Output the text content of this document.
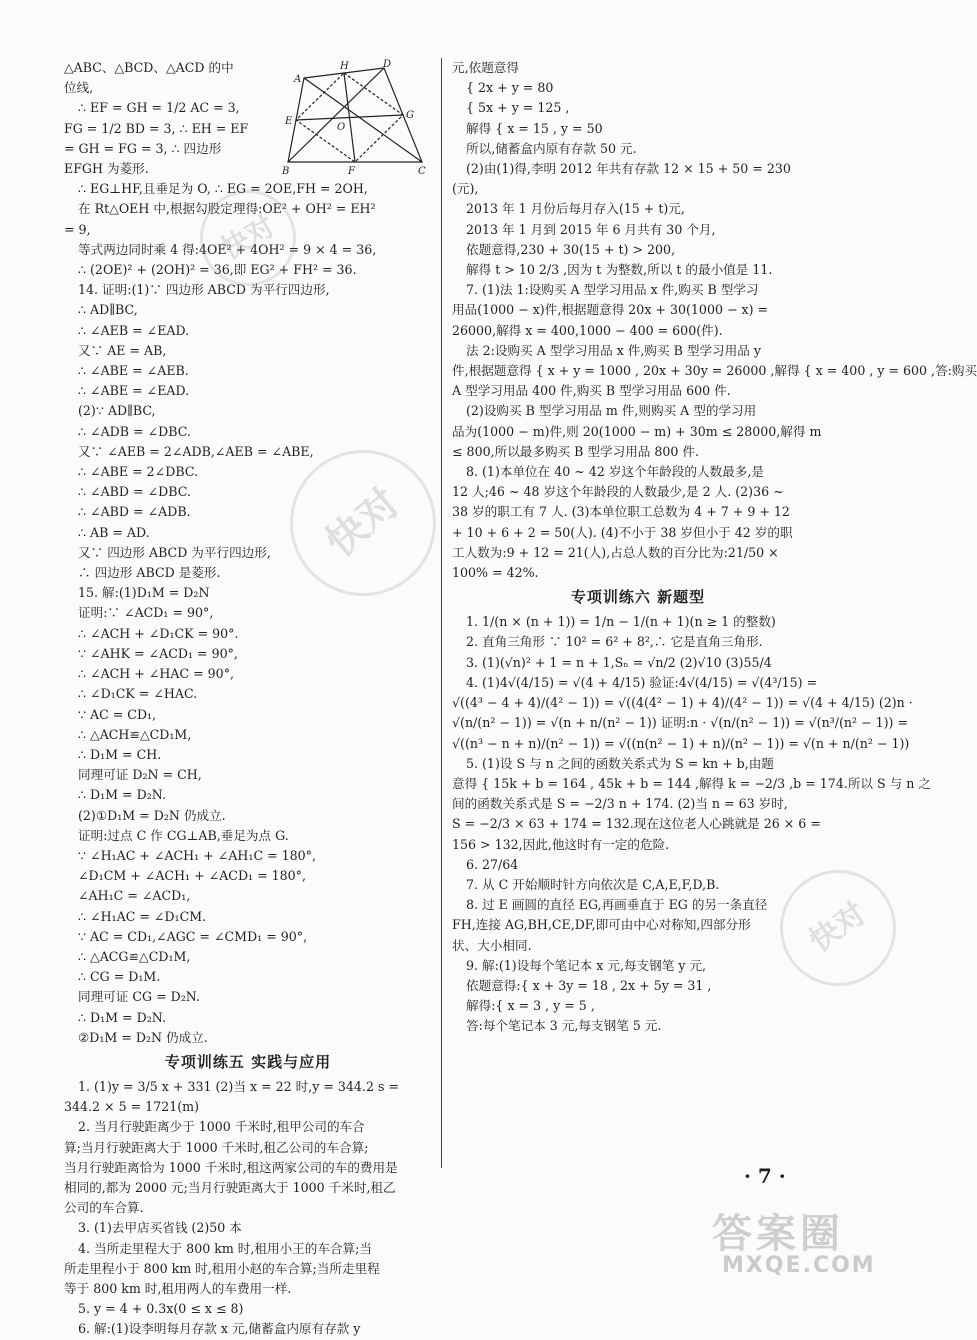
△ABC、△BCD、△ACD 的中
位线,
∴ EF = GH = 1/2 AC = 3,
FG = 1/2 BD = 3, ∴ EH = EF
= GH = FG = 3, ∴ 四边形
EFGH 为菱形.
∴ EG⊥HF,且垂足为 O, ∴ EG = 2OE,FH = 2OH,
在 Rt△OEH 中,根据勾股定理得:OE² + OH² = EH²
= 9,
等式两边同时乘 4 得:4OE² + 4OH² = 9 × 4 = 36,
∴ (2OE)² + (2OH)² = 36,即 EG² + FH² = 36.
14. 证明:(1)∵ 四边形 ABCD 为平行四边形,
∴ AD∥BC,
∴ ∠AEB = ∠EAD.
又∵ AE = AB,
∴ ∠ABE = ∠AEB.
∴ ∠ABE = ∠EAD.
(2)∵ AD∥BC,
∴ ∠ADB = ∠DBC.
又∵ ∠AEB = 2∠ADB,∠AEB = ∠ABE,
∴ ∠ABE = 2∠DBC.
∴ ∠ABD = ∠DBC.
∴ ∠ABD = ∠ADB.
∴ AB = AD.
又∵ 四边形 ABCD 为平行四边形,
∴ 四边形 ABCD 是菱形.
15. 解:(1)D₁M = D₂N
证明:∵ ∠ACD₁ = 90°,
∴ ∠ACH + ∠D₁CK = 90°.
∵ ∠AHK = ∠ACD₁ = 90°,
∴ ∠ACH + ∠HAC = 90°,
∴ ∠D₁CK = ∠HAC.
∵ AC = CD₁,
∴ △ACH≌△CD₁M,
∴ D₁M = CH.
同理可证 D₂N = CH,
∴ D₁M = D₂N.
(2)①D₁M = D₂N 仍成立.
证明:过点 C 作 CG⊥AB,垂足为点 G.
∵ ∠H₁AC + ∠ACH₁ + ∠AH₁C = 180°,
∠D₁CM + ∠ACH₁ + ∠ACD₁ = 180°,
∠AH₁C = ∠ACD₁,
∴ ∠H₁AC = ∠D₁CM.
∵ AC = CD₁,∠AGC = ∠CMD₁ = 90°,
∴ △ACG≌△CD₁M,
∴ CG = D₁M.
同理可证 CG = D₂N.
∴ D₁M = D₂N.
②D₁M = D₂N 仍成立.
专项训练五 实践与应用
1. (1)y = 3/5 x + 331 (2)当 x = 22 时,y = 344.2 s =
344.2 × 5 = 1721(m)
2. 当月行驶距离少于 1000 千米时,租甲公司的车合
算;当月行驶距离大于 1000 千米时,租乙公司的车合算;
当月行驶距离恰为 1000 千米时,租这两家公司的车的费用是
相同的,都为 2000 元;当月行驶距离大于 1000 千米时,租乙
公司的车合算.
3. (1)去甲店买省钱 (2)50 本
4. 当所走里程大于 800 km 时,租用小王的车合算;当
所走里程小于 800 km 时,租用小赵的车合算;当所走里程
等于 800 km 时,租用两人的车费用一样.
5. y = 4 + 0.3x(0 ≤ x ≤ 8)
6. 解:(1)设李明每月存款 x 元,储蓄盒内原有存款 y
元,依题意得
{ 2x + y = 80
{ 5x + y = 125 ,
解得 { x = 15 , y = 50
所以,储蓄盒内原有存款 50 元.
(2)由(1)得,李明 2012 年共有存款 12 × 15 + 50 = 230
(元),
2013 年 1 月份后每月存入(15 + t)元,
2013 年 1 月到 2015 年 6 月共有 30 个月,
依题意得,230 + 30(15 + t) > 200,
解得 t > 10 2/3 ,因为 t 为整数,所以 t 的最小值是 11.
7. (1)法 1:设购买 A 型学习用品 x 件,购买 B 型学习
用品(1000 − x)件,根据题意得 20x + 30(1000 − x) =
26000,解得 x = 400,1000 − 400 = 600(件).
法 2:设购买 A 型学习用品 x 件,购买 B 型学习用品 y
件,根据题意得 { x + y = 1000 , 20x + 30y = 26000 ,解得 { x = 400 , y = 600 ,答:购买
A 型学习用品 400 件,购买 B 型学习用品 600 件.
(2)设购买 B 型学习用品 m 件,则购买 A 型的学习用
品为(1000 − m)件,则 20(1000 − m) + 30m ≤ 28000,解得 m
≤ 800,所以最多购买 B 型学习用品 800 件.
8. (1)本单位在 40 ~ 42 岁这个年龄段的人数最多,是
12 人;46 ~ 48 岁这个年龄段的人数最少,是 2 人. (2)36 ~
38 岁的职工有 7 人. (3)本单位职工总数为 4 + 7 + 9 + 12
+ 10 + 6 + 2 = 50(人). (4)不小于 38 岁但小于 42 岁的职
工人数为:9 + 12 = 21(人),占总人数的百分比为:21/50 ×
100% = 42%.
专项训练六 新题型
1. 1/(n × (n + 1)) = 1/n − 1/(n + 1)(n ≥ 1 的整数)
2. 直角三角形 ∵ 10² = 6² + 8²,∴ 它是直角三角形.
3. (1)(√n)² + 1 = n + 1,Sₙ = √n/2 (2)√10 (3)55/4
4. (1)4√(4/15) = √(4 + 4/15) 验证:4√(4/15) = √(4³/15) =
√((4³ − 4 + 4)/(4² − 1)) = √((4(4² − 1) + 4)/(4² − 1)) = √(4 + 4/15) (2)n ·
√(n/(n² − 1)) = √(n + n/(n² − 1)) 证明:n · √(n/(n² − 1)) = √(n³/(n² − 1)) =
√((n³ − n + n)/(n² − 1)) = √((n(n² − 1) + n)/(n² − 1)) = √(n + n/(n² − 1))
5. (1)设 S 与 n 之间的函数关系式为 S = kn + b,由题
意得 { 15k + b = 164 , 45k + b = 144 ,解得 k = −2/3 ,b = 174.所以 S 与 n 之
间的函数关系式是 S = −2/3 n + 174. (2)当 n = 63 岁时,
S = −2/3 × 63 + 174 = 132.现在这位老人心跳就是 26 × 6 =
156 > 132,因此,他这时有一定的危险.
6. 27/64
7. 从 C 开始顺时针方向依次是 C,A,E,F,D,B.
8. 过 E 画圆的直径 EG,再画垂直于 EG 的另一条直径
FH,连接 AG,BH,CE,DF,即可由中心对称知,四部分形
状、大小相同.
9. 解:(1)设每个笔记本 x 元,每支钢笔 y 元,
依题意得:{ x + 3y = 18 , 2x + 5y = 31 ,
解得:{ x = 3 , y = 5 ,
答:每个笔记本 3 元,每支钢笔 5 元.
A
B	C
D
E
F
G
H
O
快对
快对
快对
· 7 ·
答案圈
MXQE.COM
